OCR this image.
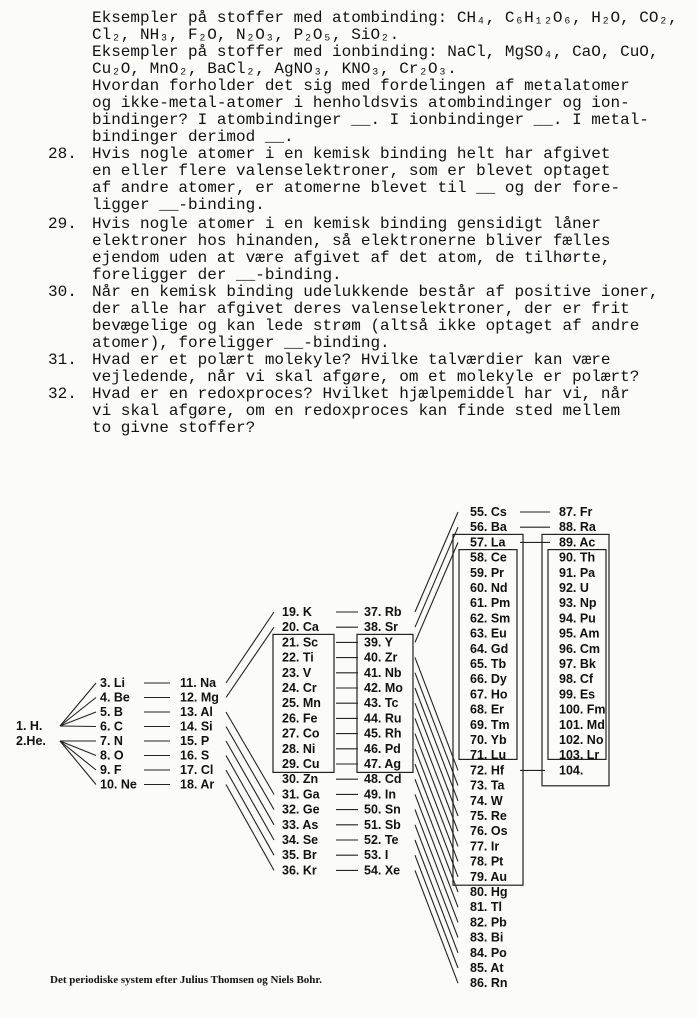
Eksempler på stoffer med atombinding: CH₄, C₆H₁₂O₆, H₂O, CO₂,
Cl₂, NH₃, F₂O, N₂O₃, P₂O₅, SiO₂.
Eksempler på stoffer med ionbinding: NaCl, MgSO₄, CaO, CuO,
Cu₂O, MnO₂, BaCl₂, AgNO₃, KNO₃, Cr₂O₃.
Hvordan forholder det sig med fordelingen af metalatomer
og ikke-metal-atomer i henholdsvis atombindinger og ion-
bindinger? I atombindinger __. I ionbindinger __. I metal-
bindinger derimod __.
28. Hvis nogle atomer i en kemisk binding helt har afgivet
en eller flere valenselektroner, som er blevet optaget
af andre atomer, er atomerne blevet til __ og der fore-
ligger __-binding.
29. Hvis nogle atomer i en kemisk binding gensidigt låner
elektroner hos hinanden, så elektronerne bliver fælles
ejendom uden at være afgivet af det atom, de tilhørte,
foreligger der __-binding.
30. Når en kemisk binding udelukkende består af positive ioner,
der alle har afgivet deres valenselektroner, der er frit
bevægelige og kan lede strøm (altså ikke optaget af andre
atomer), foreligger __-binding.
31. Hvad er et polært molekyle? Hvilke talværdier kan være
vejledende, når vi skal afgøre, om et molekyle er polært?
32. Hvad er en redoxproces? Hvilket hjælpemiddel har vi, når
vi skal afgøre, om en redoxproces kan finde sted mellem
to givne stoffer?
1. H.
2.He.
3. Li
4. Be
5. B
6. C
7. N
8. O
9. F
10. Ne
11. Na
12. Mg
13. Al
14. Si
15. P
16. S
17. Cl
18. Ar
19. K
20. Ca
21. Sc
22. Ti
23. V
24. Cr
25. Mn
26. Fe
27. Co
28. Ni
29. Cu
30. Zn
31. Ga
32. Ge
33. As
34. Se
35. Br
36. Kr
37. Rb
38. Sr
39. Y
40. Zr
41. Nb
42. Mo
43. Tc
44. Ru
45. Rh
46. Pd
47. Ag
48. Cd
49. In
50. Sn
51. Sb
52. Te
53. I
54. Xe
55. Cs
56. Ba
57. La
58. Ce
59. Pr
60. Nd
61. Pm
62. Sm
63. Eu
64. Gd
65. Tb
66. Dy
67. Ho
68. Er
69. Tm
70. Yb
71. Lu
72. Hf
73. Ta
74. W
75. Re
76. Os
77. Ir
78. Pt
79. Au
80. Hg
81. Tl
82. Pb
83. Bi
84. Po
85. At
86. Rn
87. Fr
88. Ra
89. Ac
90. Th
91. Pa
92. U
93. Np
94. Pu
95. Am
96. Cm
97. Bk
98. Cf
99. Es
100. Fm
101. Md
102. No
103. Lr
104.
Det periodiske system efter Julius Thomsen og Niels Bohr.
